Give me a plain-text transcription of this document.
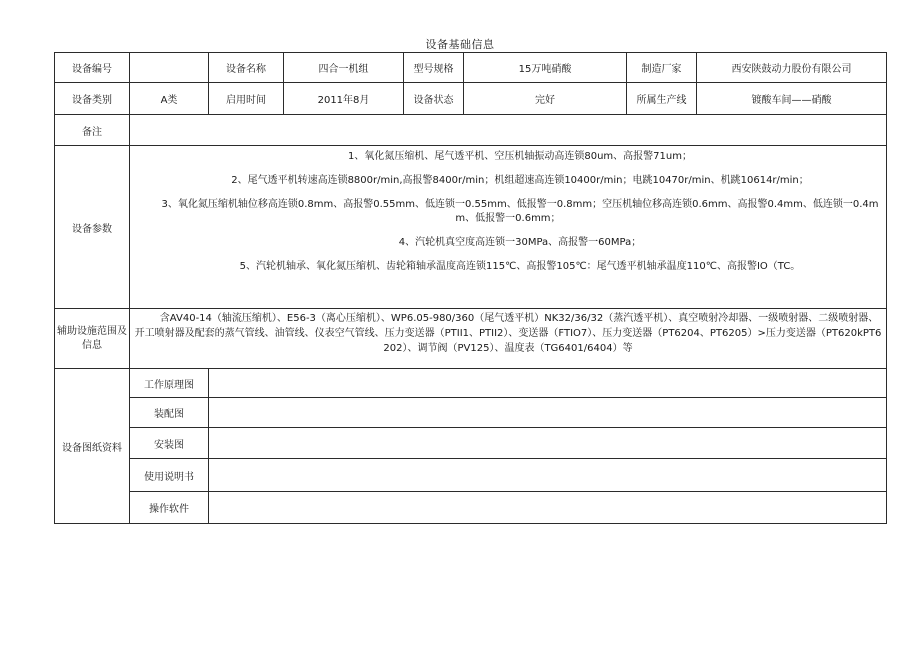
设备基础信息
设备编号		设备名称	四合一机组	型号规格	15万吨硝酸	制造厂家	西安陕鼓动力股份有限公司
设备类别	A类	启用时间	2011年8月	设备状态	完好	所属生产线	镀酸车间——硝酸
备注							
设备参数	1、氧化氮压缩机、尾气透平机、空压机轴振动高连锁80um、高报警71um；
2、尾气透平机转速高连锁8800r/min,高报警8400r/min；机组超速高连锁10400r/min；电跳10470r/min、机跳10614r/min；
3、氧化氮压缩机轴位移高连锁0.8mm、高报警0.55mm、低连锁一0.55mm、低报警一0.8mm；空压机轴位移高连锁0.6mm、高报警0.4mm、低连锁一0.4mm、低报警一0.6mm；
4、汽轮机真空度高连锁一30MPa、高报警一60MPa；
5、汽轮机轴承、氧化氮压缩机、齿轮箱轴承温度高连锁115℃、高报警105℃：尾气透平机轴承温度110℃、高报警IO（TC。						

辅助设施范围及信息	含AV40-14（轴流压缩机）、E56-3（离心压缩机）、WP6.05-980/360（尾气透平机）NK32/36/32（蒸汽透平机）、真空喷射冷却器、一级喷射器、二级喷射器、开工喷射器及配套的蒸气管线、油管线、仪表空气管线、压力变送器（PTII1、PTII2）、变送器（FTIO7）、压力变送器（PT6204、PT6205）>压力变送器（PT620kPT6202）、调节阀（PV125）、温度表（TG6401/6404）等						

设备图纸资料	工作原理图						
	装配图						
	安装图						
	使用说明书						
	操作软件						
